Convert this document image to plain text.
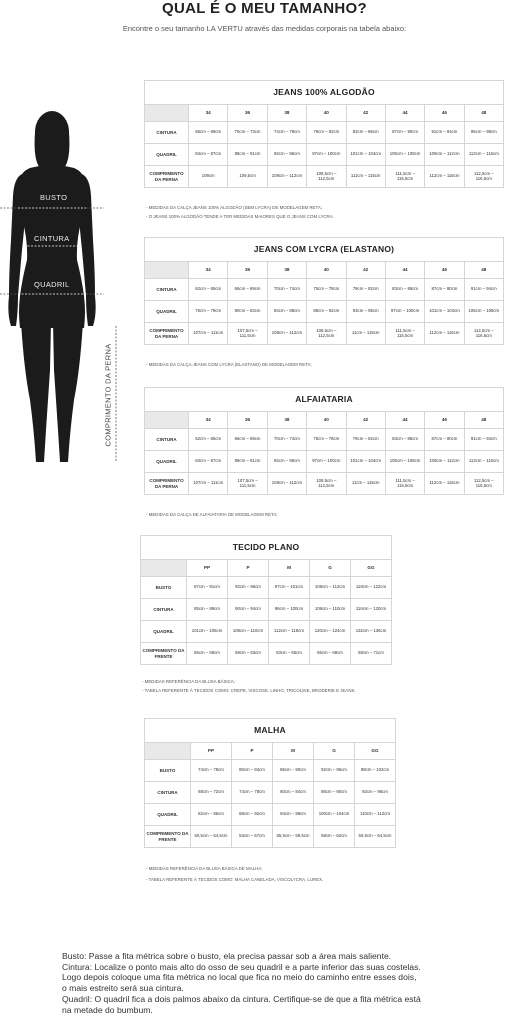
QUAL É O MEU TAMANHO?
Encontre o seu tamanho LA VERTU através das medidas corporais na tabela abaixo:
BUSTO
CINTURA
QUADRIL
COMPRIMENTO DA PERNA
JEANS 100% ALGODÃO								
	34	36	38	40	42	44	46	48
CINTURA	66cm – 69cm	70cm – 73cm	74cm – 78cm	79cm – 82cm	83cm – 86cm	87cm – 90cm	91cm – 94cm	95cm – 98cm
QUADRIL	84cm – 87cm	88cm – 91cm	92cm – 96cm	97cm – 100cm	101cm – 104cm	105cm – 108cm	109cm – 112cm	113cm – 116cm
COMPRIMENTO DA PERNA	109cm	109,5cm	108cm – 112cm	108,5cm – 112,5cm	111cm – 115cm	111,5cm – 115,5cm	112cm – 116cm	112,5cm – 116,5cm
- MEDIDAS DA CALÇA JEANS 100% ALGODÃO (SEM LYCRA) DE MODELAGEM RETA;
- O JEANS 100% ALGODÃO TENDE A TER MEDIDAS MAIORES QUE O JEANS COM LYCRA.
JEANS COM LYCRA (ELASTANO)								
	34	36	38	40	42	44	46	48
CINTURA	62cm – 65cm	66cm – 69cm	70cm – 74cm	75cm – 78cm	79cm – 82cm	83cm – 86cm	87cm – 90cm	91cm – 94cm
QUADRIL	76cm – 79cm	80cm – 83cm	84cm – 88cm	89cm – 92cm	93cm – 96cm	97cm – 100cm	101cm – 104cm	105cm – 108cm
COMPRIMENTO DA PERNA	107cm – 111cm	107,5cm – 111,5cm	108cm – 112cm	108,5cm – 112,5cm	11cm – 115cm	111,5cm – 115,5cm	112cm – 116cm	112,5cm – 116,5cm
- MEDIDAS DA CALÇA JEANS COM LYCRA (ELASTANO) DE MODELAGEM RETA;
ALFAIATARIA								
	34	36	38	40	42	44	46	48
CINTURA	62cm – 65cm	66cm – 69cm	70cm – 74cm	75cm – 78cm	79cm – 82cm	83cm – 86cm	87cm – 90cm	91cm – 94cm
QUADRIL	84cm – 87cm	88cm – 91cm	92cm – 96cm	97cm – 100cm	101cm – 104cm	105cm – 108cm	109cm – 112cm	113cm – 116cm
COMPRIMENTO DA PERNA	107cm – 111cm	107,5cm – 111,5cm	108cm – 112cm	108,5cm – 112,5cm	11cm – 115cm	111,5cm – 115,5cm	112cm – 116cm	112,5cm – 116,5cm
- MEDIDAS DA CALÇA DE ALFAIATARIA DE MODELAGEM RETA;
TECIDO PLANO					
	PP	P	M	G	GG
BUSTO	87cm – 91cm	92cm – 96cm	97cm – 101cm	108cm – 112cm	118cm – 122cm
CINTURA	85cm – 89cm	90cm – 94cm	96cm – 100cm	106cm – 110cm	116cm – 120cm
QUADRIL	101cm – 105cm	106cm – 110cm	112cm – 118cm	120cm – 124cm	132cm – 136cm
COMPRIMENTO DA FRENTE	56cm – 59cm	59cm – 63cm	63cm – 65cm	65cm – 68cm	68cm – 71cm
- MEDIDAS REFERÊNCIA DA BLUSA BÁSICA;
- TABELA REFERENTE À TECIDOS COMO: CREPE, VISCOSE, LINHO, TRICOLINE, BRODERIE E JEANS.
MALHA					
	PP	P	M	G	GG
BUSTO	74cm – 78cm	80cm – 84cm	86cm – 90cm	92cm – 96cm	98cm – 102cm
CINTURA	68cm – 72cm	74cm – 78cm	80cm – 84cm	86cm – 90cm	92cm – 96cm
QUADRIL	82cm – 86cm	88cm – 92cm	94cm – 98cm	100cm – 104cm	110cm – 112cm
COMPRIMENTO DA FRENTE	50,5cm – 54,5cm	53cm – 57cm	55,5cm – 59,5cm	58cm – 62cm	60,5cm – 64,5cm
- MEDIDAS REFERÊNCIA DA BLUSA BÁSICA DE MALHA;
- TABELA REFERENTE À TECIDOS COMO: MALHA CANELADA, VISCOLYCRA, LUREX.
Busto: Passe a fita métrica sobre o busto, ela precisa passar sob a área mais saliente.
Cintura: Localize o ponto mais alto do osso de seu quadril e a parte inferior das suas costelas.
Logo depois coloque uma fita métrica no local que fica no meio do caminho entre esses dois,
o mais estreito será sua cintura.
Quadril: O quadril fica a dois palmos abaixo da cintura. Certifique-se de que a fita métrica está
na metade do bumbum.
